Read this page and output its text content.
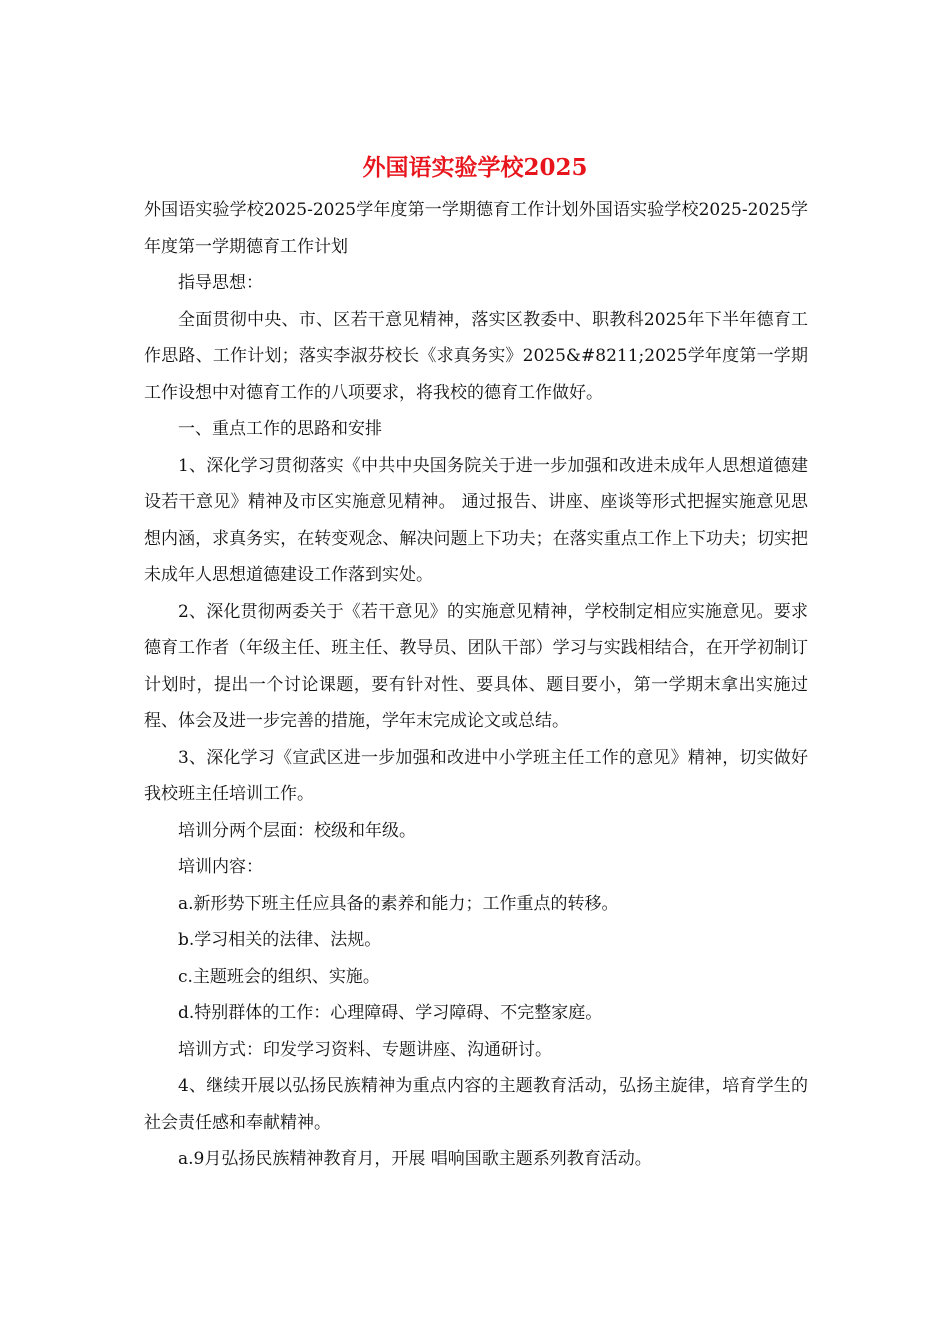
外国语实验学校2025

外国语实验学校2025-2025学年度第一学期德育工作计划外国语实验学校2025-2025学年度第一学期德育工作计划

指导思想：

全面贯彻中央、市、区若干意见精神，落实区教委中、职教科2025年下半年德育工作思路、工作计划；落实李淑芬校长《求真务实》2025&#8211;2025学年度第一学期工作设想中对德育工作的八项要求，将我校的德育工作做好。

一、重点工作的思路和安排

1、深化学习贯彻落实《中共中央国务院关于进一步加强和改进未成年人思想道德建设若干意见》精神及市区实施意见精神。 通过报告、讲座、座谈等形式把握实施意见思想内涵，求真务实，在转变观念、解决问题上下功夫；在落实重点工作上下功夫；切实把未成年人思想道德建设工作落到实处。

2、深化贯彻两委关于《若干意见》的实施意见精神，学校制定相应实施意见。要求德育工作者（年级主任、班主任、教导员、团队干部）学习与实践相结合，在开学初制订计划时，提出一个讨论课题，要有针对性、要具体、题目要小，第一学期末拿出实施过程、体会及进一步完善的措施，学年末完成论文或总结。

3、深化学习《宣武区进一步加强和改进中小学班主任工作的意见》精神，切实做好我校班主任培训工作。

培训分两个层面：校级和年级。

培训内容：

a.新形势下班主任应具备的素养和能力；工作重点的转移。

b.学习相关的法律、法规。

c.主题班会的组织、实施。

d.特别群体的工作：心理障碍、学习障碍、不完整家庭。

培训方式：印发学习资料、专题讲座、沟通研讨。

4、继续开展以弘扬民族精神为重点内容的主题教育活动，弘扬主旋律，培育学生的社会责任感和奉献精神。

a.9月弘扬民族精神教育月，开展 唱响国歌主题系列教育活动。
